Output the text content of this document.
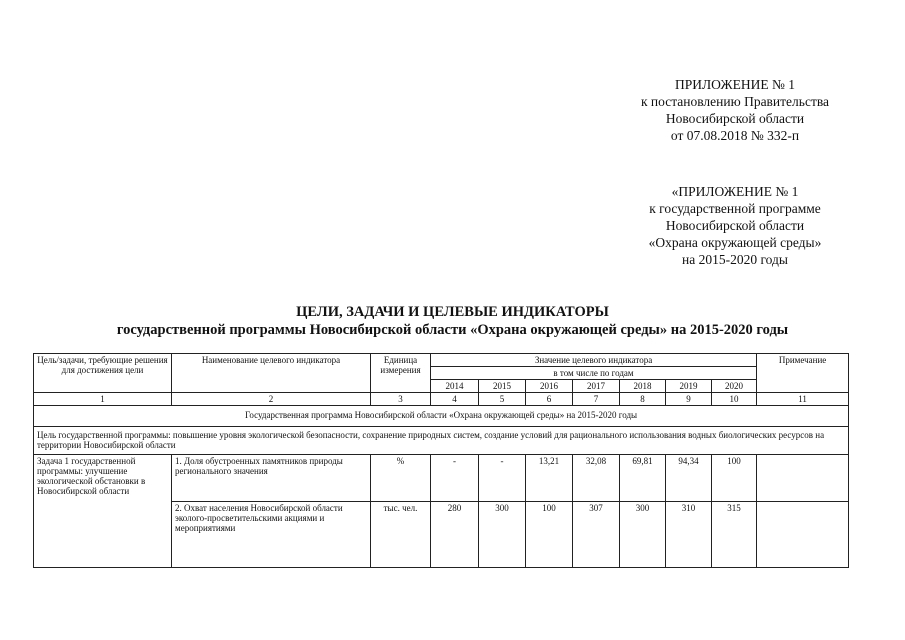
ПРИЛОЖЕНИЕ № 1
к постановлению Правительства
Новосибирской области
от 07.08.2018 № 332-п
«ПРИЛОЖЕНИЕ № 1
к государственной программе
Новосибирской области
«Охрана окружающей среды»
на 2015-2020 годы
ЦЕЛИ, ЗАДАЧИ И ЦЕЛЕВЫЕ ИНДИКАТОРЫ
государственной программы Новосибирской области «Охрана окружающей среды» на 2015-2020 годы
Цель/задачи, требующие решения для достижения цели	Наименование целевого индикатора	Единица измерения	Значение целевого индикатора							Примечание
			в том числе по годам							
			2014	2015	2016	2017	2018	2019	2020	
1	2	3	4	5	6	7	8	9	10	11
Государственная программа Новосибирской области «Охрана окружающей среды» на 2015-2020 годы										
Цель государственной программы: повышение уровня экологической безопасности, сохранение природных систем, создание условий для рационального использования водных биологических ресурсов на территории Новосибирской области										
Задача 1 государственной программы: улучшение экологической обстановки в Новосибирской области	1. Доля обустроенных памятников природы регионального значения	%	-	-	13,21	32,08	69,81	94,34	100	
	2. Охват населения Новосибирской области эколого-просветительскими акциями и мероприятиями	тыс. чел.	280	300	100	307	300	310	315	
